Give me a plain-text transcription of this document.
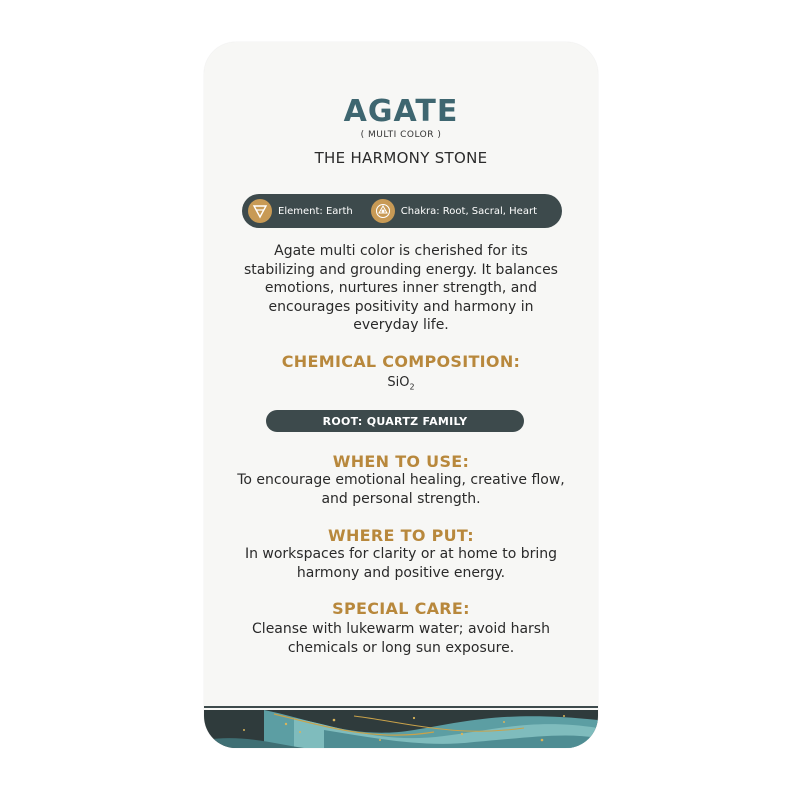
AGATE
( MULTI COLOR )
THE HARMONY STONE
Element: Earth	Chakra: Root, Sacral, Heart
Agate multi color is cherished for its stabilizing and grounding energy. It balances emotions, nurtures inner strength, and encourages positivity and harmony in everyday life.
CHEMICAL COMPOSITION:
SiO$_2$
ROOT: QUARTZ FAMILY
WHEN TO USE:
To encourage emotional healing, creative flow, and personal strength.
WHERE TO PUT:
In workspaces for clarity or at home to bring harmony and positive energy.
SPECIAL CARE:
Cleanse with lukewarm water; avoid harsh chemicals or long sun exposure.
